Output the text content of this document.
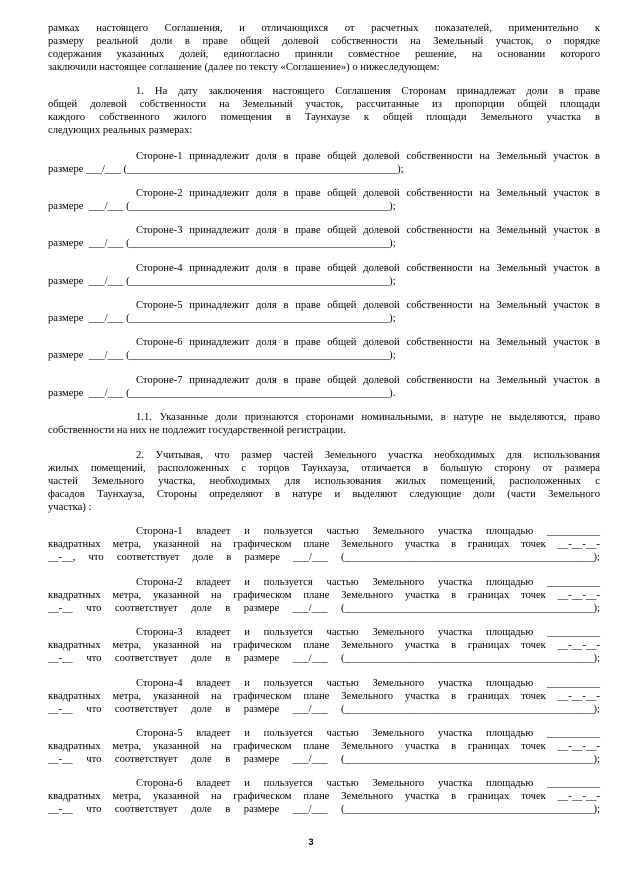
рамках настоящего Соглашения, и отличающихся от расчетных показателей, применительно к
размеру реальной доли в праве общей долевой собственности на Земельный участок, о порядке
содержания указанных долей, единогласно приняли совместное решение, на основании которого
заключили настоящее соглашение (далее по тексту «Соглашение») о нижеследующем:
1. На дату заключения настоящего Соглашения Сторонам принадлежат доли в праве
общей долевой собственности на Земельный участок, рассчитанные из пропорции общей площади
каждого собственного жилого помещения в Таунхаузе к общей площади Земельного участка в
следующих реальных размерах:
Стороне-1 принадлежит доля в праве общей долевой собственности на Земельный участок в
размере ___/___ (___________________________________________________);
Стороне-2 принадлежит доля в праве общей долевой собственности на Земельный участок в
размере  ___/___ (_________________________________________________);
Стороне-3 принадлежит доля в праве общей долевой собственности на Земельный участок в
размере  ___/___ (_________________________________________________);
Стороне-4 принадлежит доля в праве общей долевой собственности на Земельный участок в
размере  ___/___ (_________________________________________________);
Стороне-5 принадлежит доля в праве общей долевой собственности на Земельный участок в
размере  ___/___ (_________________________________________________);
Стороне-6 принадлежит доля в праве общей долевой собственности на Земельный участок в
размере  ___/___ (_________________________________________________);
Стороне-7 принадлежит доля в праве общей долевой собственности на Земельный участок в
размере  ___/___ (_________________________________________________).
1.1. Указанные доли признаются сторонами номинальными, в натуре не выделяются, право
собственности на них не подлежит государственной регистрации.
2. Учитывая, что размер частей Земельного участка необходимых для использования
жилых помещений, расположенных с торцов Таунхауза, отличается в большую сторону от размера
частей Земельного участка, необходимых для использования жилых помещений, расположенных с
фасадов Таунхауза, Стороны определяют в натуре и выделяют следующие доли (части Земельного
участка) :
Сторона-1 владеет и пользуется частью Земельного участка площадью __________
квадратных метра, указанной на графическом плане Земельного участка в границах точек __-__-__-
__-__, что соответствует доле в размере ___/___ (_______________________________________________);
Сторона-2 владеет и пользуется частью Земельного участка площадью __________
квадратных метра, указанной на графическом плане Земельного участка в границах точек __-__-__-
__-__ что соответствует доле в размере ___/___ (_______________________________________________);
Сторона-3 владеет и пользуется частью Земельного участка площадью __________
квадратных метра, указанной на графическом плане Земельного участка в границах точек __-__-__-
__-__ что соответствует доле в размере ___/___ (_______________________________________________);
Сторона-4 владеет и пользуется частью Земельного участка площадью __________
квадратных метра, указанной на графическом плане Земельного участка в границах точек __-__-__-
__-__ что соответствует доле в размере ___/___ (_______________________________________________);
Сторона-5 владеет и пользуется частью Земельного участка площадью __________
квадратных метра, указанной на графическом плане Земельного участка в границах точек __-__-__-
__-__ что соответствует доле в размере ___/___ (_______________________________________________);
Сторона-6 владеет и пользуется частью Земельного участка площадью __________
квадратных метра, указанной на графическом плане Земельного участка в границах точек __-__-__-
__-__ что соответствует доле в размере ___/___ (_______________________________________________);
3
